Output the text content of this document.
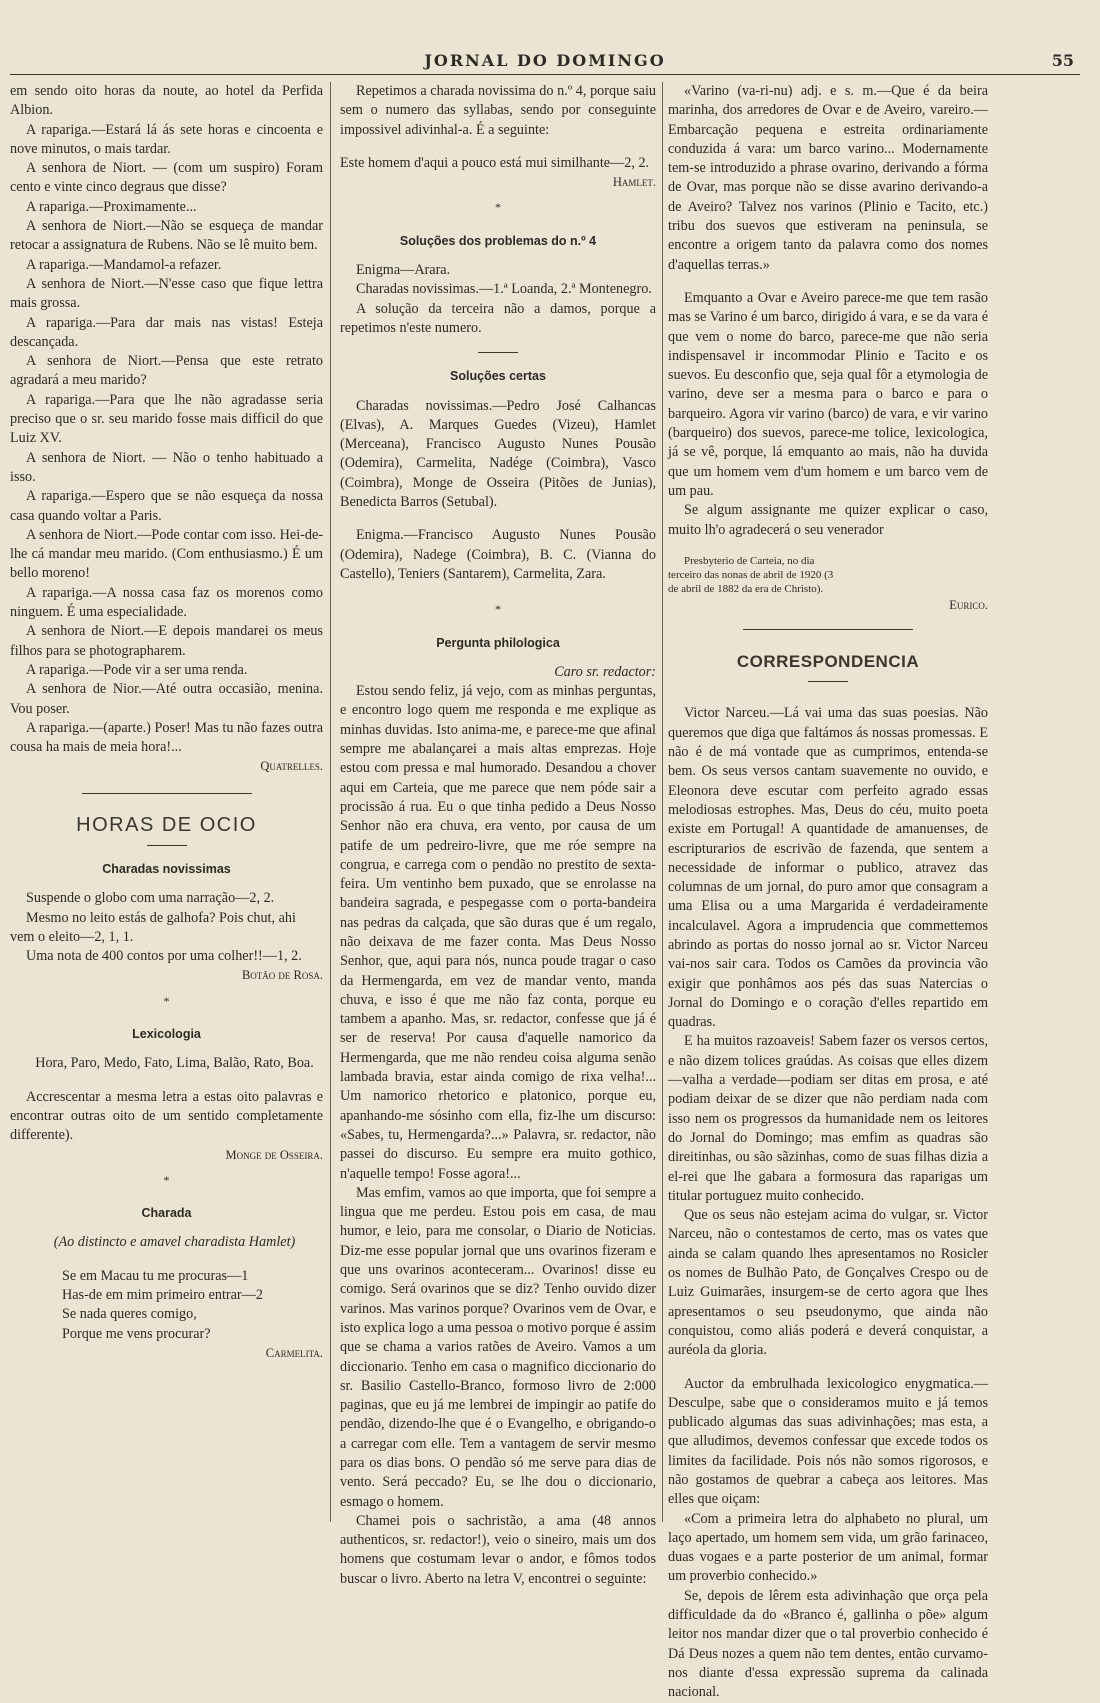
JORNAL DO DOMINGO	55

em sendo oito horas da noute, ao hotel da Perfida Albion.

A rapariga.—Estará lá ás sete horas e cincoenta e nove minutos, o mais tardar.

A senhora de Niort. — (com um suspiro) Foram cento e vinte cinco degraus que disse?

A rapariga.—Proximamente...

A senhora de Niort.—Não se esqueça de mandar retocar a assignatura de Rubens. Não se lê muito bem.

A rapariga.—Mandamol-a refazer.

A senhora de Niort.—N'esse caso que fique lettra mais grossa.

A rapariga.—Para dar mais nas vistas! Esteja descançada.

A senhora de Niort.—Pensa que este retrato agradará a meu marido?

A rapariga.—Para que lhe não agradasse seria preciso que o sr. seu marido fosse mais difficil do que Luiz XV.

A senhora de Niort. — Não o tenho habituado a isso.

A rapariga.—Espero que se não esqueça da nossa casa quando voltar a Paris.

A senhora de Niort.—Pode contar com isso. Hei-de-lhe cá mandar meu marido. (Com enthusiasmo.) É um bello moreno!

A rapariga.—A nossa casa faz os morenos como ninguem. É uma especialidade.

A senhora de Niort.—E depois mandarei os meus filhos para se photographarem.

A rapariga.—Pode vir a ser uma renda.

A senhora de Nior.—Até outra occasião, menina. Vou poser.

A rapariga.—(aparte.) Poser! Mas tu não fazes outra cousa ha mais de meia hora!...

Quatrelles.

HORAS DE OCIO
Charadas novissimas

Suspende o globo com uma narração—2, 2.

Mesmo no leito estás de galhofa? Pois chut, ahi vem o eleito—2, 1, 1.

Uma nota de 400 contos por uma colher!!—1, 2.

Botão de Rosa.

*
Lexicologia

Hora, Paro, Medo, Fato, Lima, Balão, Rato, Boa.

Accrescentar a mesma letra a estas oito palavras e encontrar outras oito de um sentido completamente differente).

Monge de Osseira.

*
Charada

(Ao distincto e amavel charadista Hamlet)

Se em Macau tu me procuras—1

Has-de em mim primeiro entrar—2

Se nada queres comigo,

Porque me vens procurar?

Carmelita.

Repetimos a charada novissima do n.º 4, porque saiu sem o numero das syllabas, sendo por conseguinte impossivel adivinhal-a. É a seguinte:

Este homem d'aqui a pouco está mui similhante—2, 2.

Hamlet.

*
Soluções dos problemas do n.º 4

Enigma—Arara.

Charadas novissimas.—1.ª Loanda, 2.ª Montenegro.

A solução da terceira não a damos, porque a repetimos n'este numero.

Soluções certas

Charadas novissimas.—Pedro José Calhancas (Elvas), A. Marques Guedes (Vizeu), Hamlet (Merceana), Francisco Augusto Nunes Pousão (Odemira), Carmelita, Nadége (Coimbra), Vasco (Coimbra), Monge de Osseira (Pitões de Junias), Benedicta Barros (Setubal).

Enigma.—Francisco Augusto Nunes Pousão (Odemira), Nadege (Coimbra), B. C. (Vianna do Castello), Teniers (Santarem), Carmelita, Zara.

*
Pergunta philologica

Caro sr. redactor:

Estou sendo feliz, já vejo, com as minhas perguntas, e encontro logo quem me responda e me explique as minhas duvidas. Isto anima-me, e parece-me que afinal sempre me abalançarei a mais altas emprezas. Hoje estou com pressa e mal humorado. Desandou a chover aqui em Carteia, que me parece que nem póde sair a procissão á rua. Eu o que tinha pedido a Deus Nosso Senhor não era chuva, era vento, por causa de um patife de um pedreiro-livre, que me róe sempre na congrua, e carrega com o pendão no prestito de sexta-feira. Um ventinho bem puxado, que se enrolasse na bandeira sagrada, e pespegasse com o porta-bandeira nas pedras da calçada, que são duras que é um regalo, não deixava de me fazer conta. Mas Deus Nosso Senhor, que, aqui para nós, nunca poude tragar o caso da Hermengarda, em vez de mandar vento, manda chuva, e isso é que me não faz conta, porque eu tambem a apanho. Mas, sr. redactor, confesse que já é ser de reserva! Por causa d'aquelle namorico da Hermengarda, que me não rendeu coisa alguma senão lambada bravia, estar ainda comigo de rixa velha!... Um namorico rhetorico e platonico, porque eu, apanhando-me sósinho com ella, fiz-lhe um discurso: «Sabes, tu, Hermengarda?...» Palavra, sr. redactor, não passei do discurso. Eu sempre era muito gothico, n'aquelle tempo! Fosse agora!...

Mas emfim, vamos ao que importa, que foi sempre a lingua que me perdeu. Estou pois em casa, de mau humor, e leio, para me consolar, o Diario de Noticias. Diz-me esse popular jornal que uns ovarinos fizeram e que uns ovarinos aconteceram... Ovarinos! disse eu comigo. Será ovarinos que se diz? Tenho ouvido dizer varinos. Mas varinos porque? Ovarinos vem de Ovar, e isto explica logo a uma pessoa o motivo porque é assim que se chama a varios ratões de Aveiro. Vamos a um diccionario. Tenho em casa o magnifico diccionario do sr. Basilio Castello-Branco, formoso livro de 2:000 paginas, que eu já me lembrei de impingir ao patife do pendão, dizendo-lhe que é o Evangelho, e obrigando-o a carregar com elle. Tem a vantagem de servir mesmo para os dias bons. O pendão só me serve para dias de vento. Será peccado? Eu, se lhe dou o diccionario, esmago o homem.

Chamei pois o sachristão, a ama (48 annos authenticos, sr. redactor!), veio o sineiro, mais um dos homens que costumam levar o andor, e fômos todos buscar o livro. Aberto na letra V, encontrei o seguinte:

«Varino (va-ri-nu) adj. e s. m.—Que é da beira marinha, dos arredores de Ovar e de Aveiro, vareiro.— Embarcação pequena e estreita ordinariamente conduzida á vara: um barco varino... Modernamente tem-se introduzido a phrase ovarino, derivando a fórma de Ovar, mas porque não se disse avarino derivando-a de Aveiro? Talvez nos varinos (Plinio e Tacito, etc.) tribu dos suevos que estiveram na peninsula, se encontre a origem tanto da palavra como dos nomes d'aquellas terras.»

Emquanto a Ovar e Aveiro parece-me que tem rasão mas se Varino é um barco, dirigido á vara, e se da vara é que vem o nome do barco, parece-me que não seria indispensavel ir incommodar Plinio e Tacito e os suevos. Eu desconfio que, seja qual fôr a etymologia de varino, deve ser a mesma para o barco e para o barqueiro. Agora vir varino (barco) de vara, e vir varino (barqueiro) dos suevos, parece-me tolice, lexicologica, já se vê, porque, lá emquanto ao mais, não ha duvida que um homem vem d'um homem e um barco vem de um pau.

Se algum assignante me quizer explicar o caso, muito lh'o agradecerá o seu venerador

Presbyterio de Carteia, no dia terceiro das nonas de abril de 1920 (3 de abril de 1882 da era de Christo).

Eurico.

CORRESPONDENCIA

Victor Narceu.—Lá vai uma das suas poesias. Não queremos que diga que faltámos ás nossas promessas. E não é de má vontade que as cumprimos, entenda-se bem. Os seus versos cantam suavemente no ouvido, e Eleonora deve escutar com perfeito agrado essas melodiosas estrophes. Mas, Deus do céu, muito poeta existe em Portugal! A quantidade de amanuenses, de escripturarios de escrivão de fazenda, que sentem a necessidade de informar o publico, atravez das columnas de um jornal, do puro amor que consagram a uma Elisa ou a uma Margarida é verdadeiramente incalculavel. Agora a imprudencia que commettemos abrindo as portas do nosso jornal ao sr. Victor Narceu vai-nos sair cara. Todos os Camões da provincia vão exigir que ponhâmos aos pés das suas Natercias o Jornal do Domingo e o coração d'elles repartido em quadras.

E ha muitos razoaveis! Sabem fazer os versos certos, e não dizem tolices graúdas. As coisas que elles dizem—valha a verdade—podiam ser ditas em prosa, e até podiam deixar de se dizer que não perdiam nada com isso nem os progressos da humanidade nem os leitores do Jornal do Domingo; mas emfim as quadras são direitinhas, ou são sãzinhas, como de suas filhas dizia a el-rei que lhe gabara a formosura das raparigas um titular portuguez muito conhecido.

Que os seus não estejam acima do vulgar, sr. Victor Narceu, não o contestamos de certo, mas os vates que ainda se calam quando lhes apresentamos no Rosicler os nomes de Bulhão Pato, de Gonçalves Crespo ou de Luiz Guimarães, insurgem-se de certo agora que lhes apresentamos o seu pseudonymo, que ainda não conquistou, como aliás poderá e deverá conquistar, a auréola da gloria.

Auctor da embrulhada lexicologico enygmatica.—Desculpe, sabe que o consideramos muito e já temos publicado algumas das suas adivinhações; mas esta, a que alludimos, devemos confessar que excede todos os limites da facilidade. Pois nós não somos rigorosos, e não gostamos de quebrar a cabeça aos leitores. Mas elles que oiçam:

«Com a primeira letra do alphabeto no plural, um laço apertado, um homem sem vida, um grão farinaceo, duas vogaes e a parte posterior de um animal, formar um proverbio conhecido.»

Se, depois de lêrem esta adivinhação que orça pela difficuldade da do «Branco é, gallinha o põe» algum leitor nos mandar dizer que o tal proverbio conhecido é Dá Deus nozes a quem não tem dentes, então curvamo-nos diante d'essa expressão suprema da calinada nacional.
